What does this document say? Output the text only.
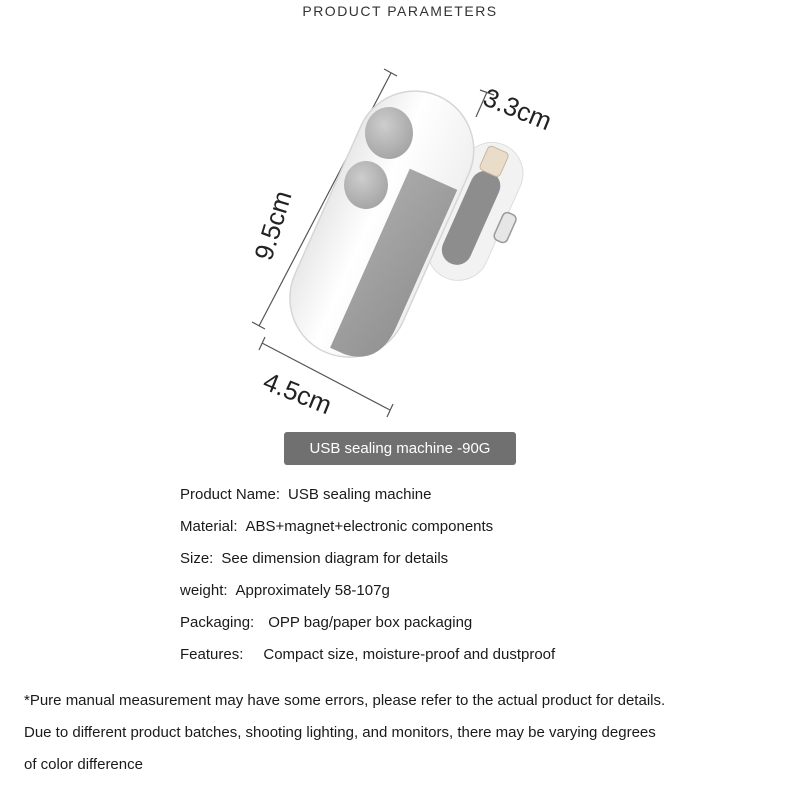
PRODUCT PARAMETERS
9.5cm
4.5cm
3.3cm
USB sealing machine -90G
Product Name: USB sealing machine
Material: ABS+magnet+electronic components
Size: See dimension diagram for details
weight: Approximately 58-107g
Packaging: OPP bag/paper box packaging
Features: Compact size, moisture-proof and dustproof
*Pure manual measurement may have some errors, please refer to the actual product for details.
Due to different product batches, shooting lighting, and monitors, there may be varying degrees
of color difference
